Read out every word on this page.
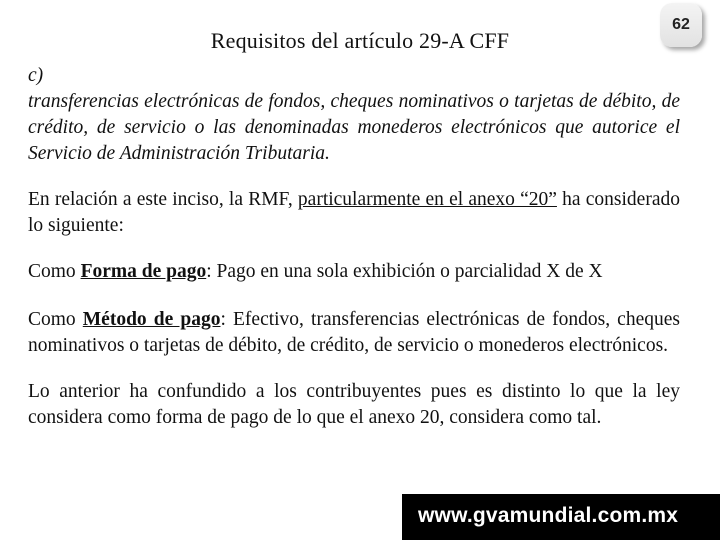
Requisitos del artículo 29-A CFF
62

c)

transferencias electrónicas de fondos, cheques nominativos o tarjetas de débito, de crédito, de servicio o las denominadas monederos electrónicos que autorice el Servicio de Administración Tributaria.

En relación a este inciso, la RMF, particularmente en el anexo “20” ha considerado lo siguiente:

Como Forma de pago: Pago en una sola exhibición o parcialidad X de X

Como Método de pago: Efectivo, transferencias electrónicas de fondos, cheques nominativos o tarjetas de débito, de crédito, de servicio o monederos electrónicos.

Lo anterior ha confundido a los contribuyentes pues es distinto lo que la ley considera como forma de pago de lo que el anexo 20, considera como tal.

www.gvamundial.com.mx
